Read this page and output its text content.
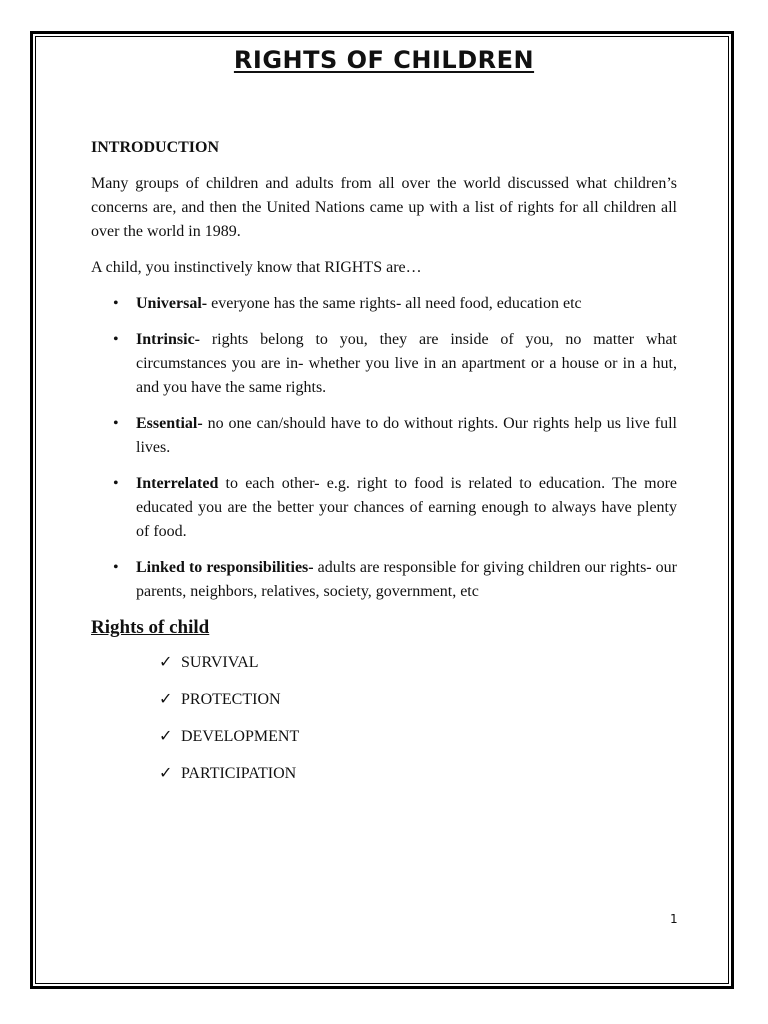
RIGHTS OF CHILDREN
INTRODUCTION

Many groups of children and adults from all over the world discussed what children’s concerns are, and then the United Nations came up with a list of rights for all children all over the world in 1989.

A child, you instinctively know that RIGHTS are…

• Universal- everyone has the same rights- all need food, education etc
• Intrinsic- rights belong to you, they are inside of you, no matter what circumstances you are in- whether you live in an apartment or a house or in a hut, and you have the same rights.
• Essential- no one can/should have to do without rights. Our rights help us live full lives.
• Interrelated to each other- e.g. right to food is related to education. The more educated you are the better your chances of earning enough to always have plenty of food.
• Linked to responsibilities- adults are responsible for giving children our rights- our parents, neighbors, relatives, society, government, etc
Rights of child
✓ SURVIVAL
✓ PROTECTION
✓ DEVELOPMENT
✓ PARTICIPATION
1
